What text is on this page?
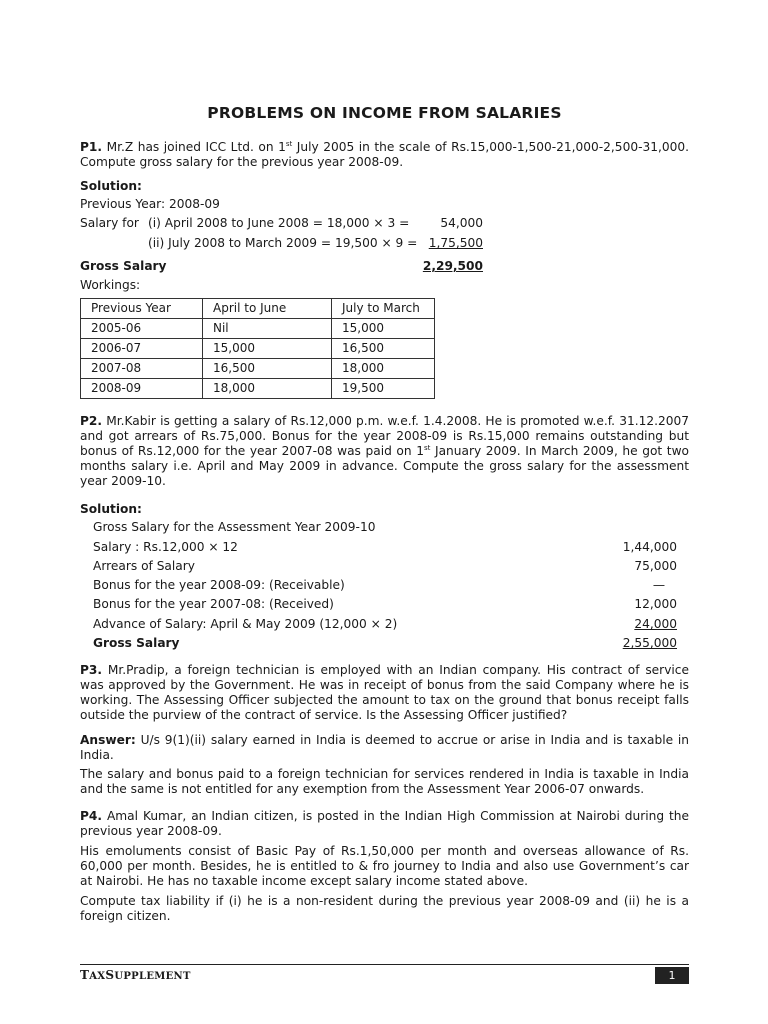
PROBLEMS ON INCOME FROM SALARIES

P1. Mr.Z has joined ICC Ltd. on 1st July 2005 in the scale of Rs.15,000-1,500-21,000-2,500-31,000. Compute gross salary for the previous year 2008-09.

Solution:
Previous Year: 2008-09
Salary for (i) April 2008 to June 2008 = 18,000 × 3 =	54,000
(ii) July 2008 to March 2009 = 19,500 × 9 = 1,75,500
Gross Salary	2,29,500
Workings:
Previous Year	April to June	July to March
2005-06	Nil	15,000
2006-07	15,000	16,500
2007-08	16,500	18,000
2008-09	18,000	19,500

P2. Mr.Kabir is getting a salary of Rs.12,000 p.m. w.e.f. 1.4.2008. He is promoted w.e.f. 31.12.2007 and got arrears of Rs.75,000. Bonus for the year 2008-09 is Rs.15,000 remains outstanding but bonus of Rs.12,000 for the year 2007-08 was paid on 1st January 2009. In March 2009, he got two months salary i.e. April and May 2009 in advance. Compute the gross salary for the assessment year 2009-10.

Solution:
Gross Salary for the Assessment Year 2009-10
Salary : Rs.12,000 × 12	1,44,000
Arrears of Salary	75,000
Bonus for the year 2008-09: (Receivable)	—
Bonus for the year 2007-08: (Received)	12,000
Advance of Salary: April & May 2009 (12,000 × 2)	24,000
Gross Salary	2,55,000

P3. Mr.Pradip, a foreign technician is employed with an Indian company. His contract of service was approved by the Government. He was in receipt of bonus from the said Company where he is working. The Assessing Officer subjected the amount to tax on the ground that bonus receipt falls outside the purview of the contract of service. Is the Assessing Officer justified?

Answer: U/s 9(1)(ii) salary earned in India is deemed to accrue or arise in India and is taxable in India.

The salary and bonus paid to a foreign technician for services rendered in India is taxable in India and the same is not entitled for any exemption from the Assessment Year 2006-07 onwards.

P4. Amal Kumar, an Indian citizen, is posted in the Indian High Commission at Nairobi during the previous year 2008-09.

His emoluments consist of Basic Pay of Rs.1,50,000 per month and overseas allowance of Rs. 60,000 per month. Besides, he is entitled to & fro journey to India and also use Government’s car at Nairobi. He has no taxable income except salary income stated above.

Compute tax liability if (i) he is a non-resident during the previous year 2008-09 and (ii) he is a foreign citizen.

TAXSUPPLEMENT	1
